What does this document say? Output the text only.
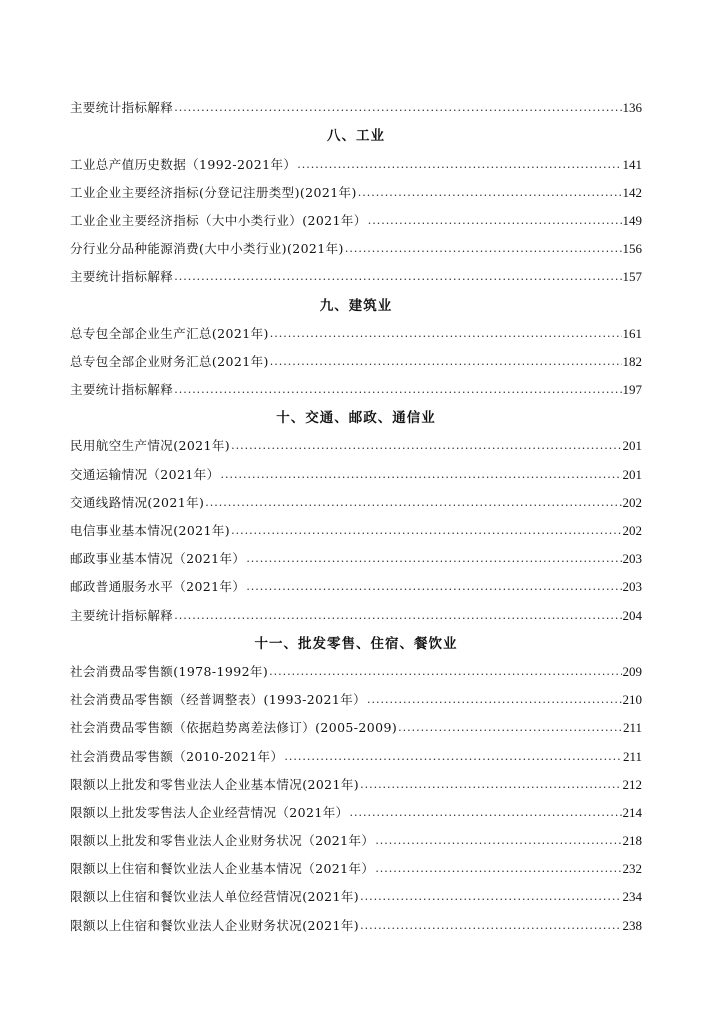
主要统计指标解释 .....	136
八、工业
工业总产值历史数据（1992-2021年） .....	141
工业企业主要经济指标(分登记注册类型)(2021年) .....	142
工业企业主要经济指标（大中小类行业）(2021年） .....	149
分行业分品种能源消费(大中小类行业)(2021年) .....	156
主要统计指标解释 .....	157
九、建筑业
总专包全部企业生产汇总(2021年) .....	161
总专包全部企业财务汇总(2021年) .....	182
主要统计指标解释 .....	197
十、交通、邮政、通信业
民用航空生产情况(2021年) .....	201
交通运输情况（2021年） .....	201
交通线路情况(2021年) .....	202
电信事业基本情况(2021年) .....	202
邮政事业基本情况（2021年） .....	203
邮政普通服务水平（2021年） .....	203
主要统计指标解释 .....	204
十一、批发零售、住宿、餐饮业
社会消费品零售额(1978-1992年) .....	209
社会消费品零售额（经普调整表）(1993-2021年） .....	210
社会消费品零售额（依据趋势离差法修订）(2005-2009) .....	211
社会消费品零售额（2010-2021年） .....	211
限额以上批发和零售业法人企业基本情况(2021年) .....	212
限额以上批发零售法人企业经营情况（2021年） .....	214
限额以上批发和零售业法人企业财务状况（2021年） .....	218
限额以上住宿和餐饮业法人企业基本情况（2021年） .....	232
限额以上住宿和餐饮业法人单位经营情况(2021年) .....	234
限额以上住宿和餐饮业法人企业财务状况(2021年) .....	238
